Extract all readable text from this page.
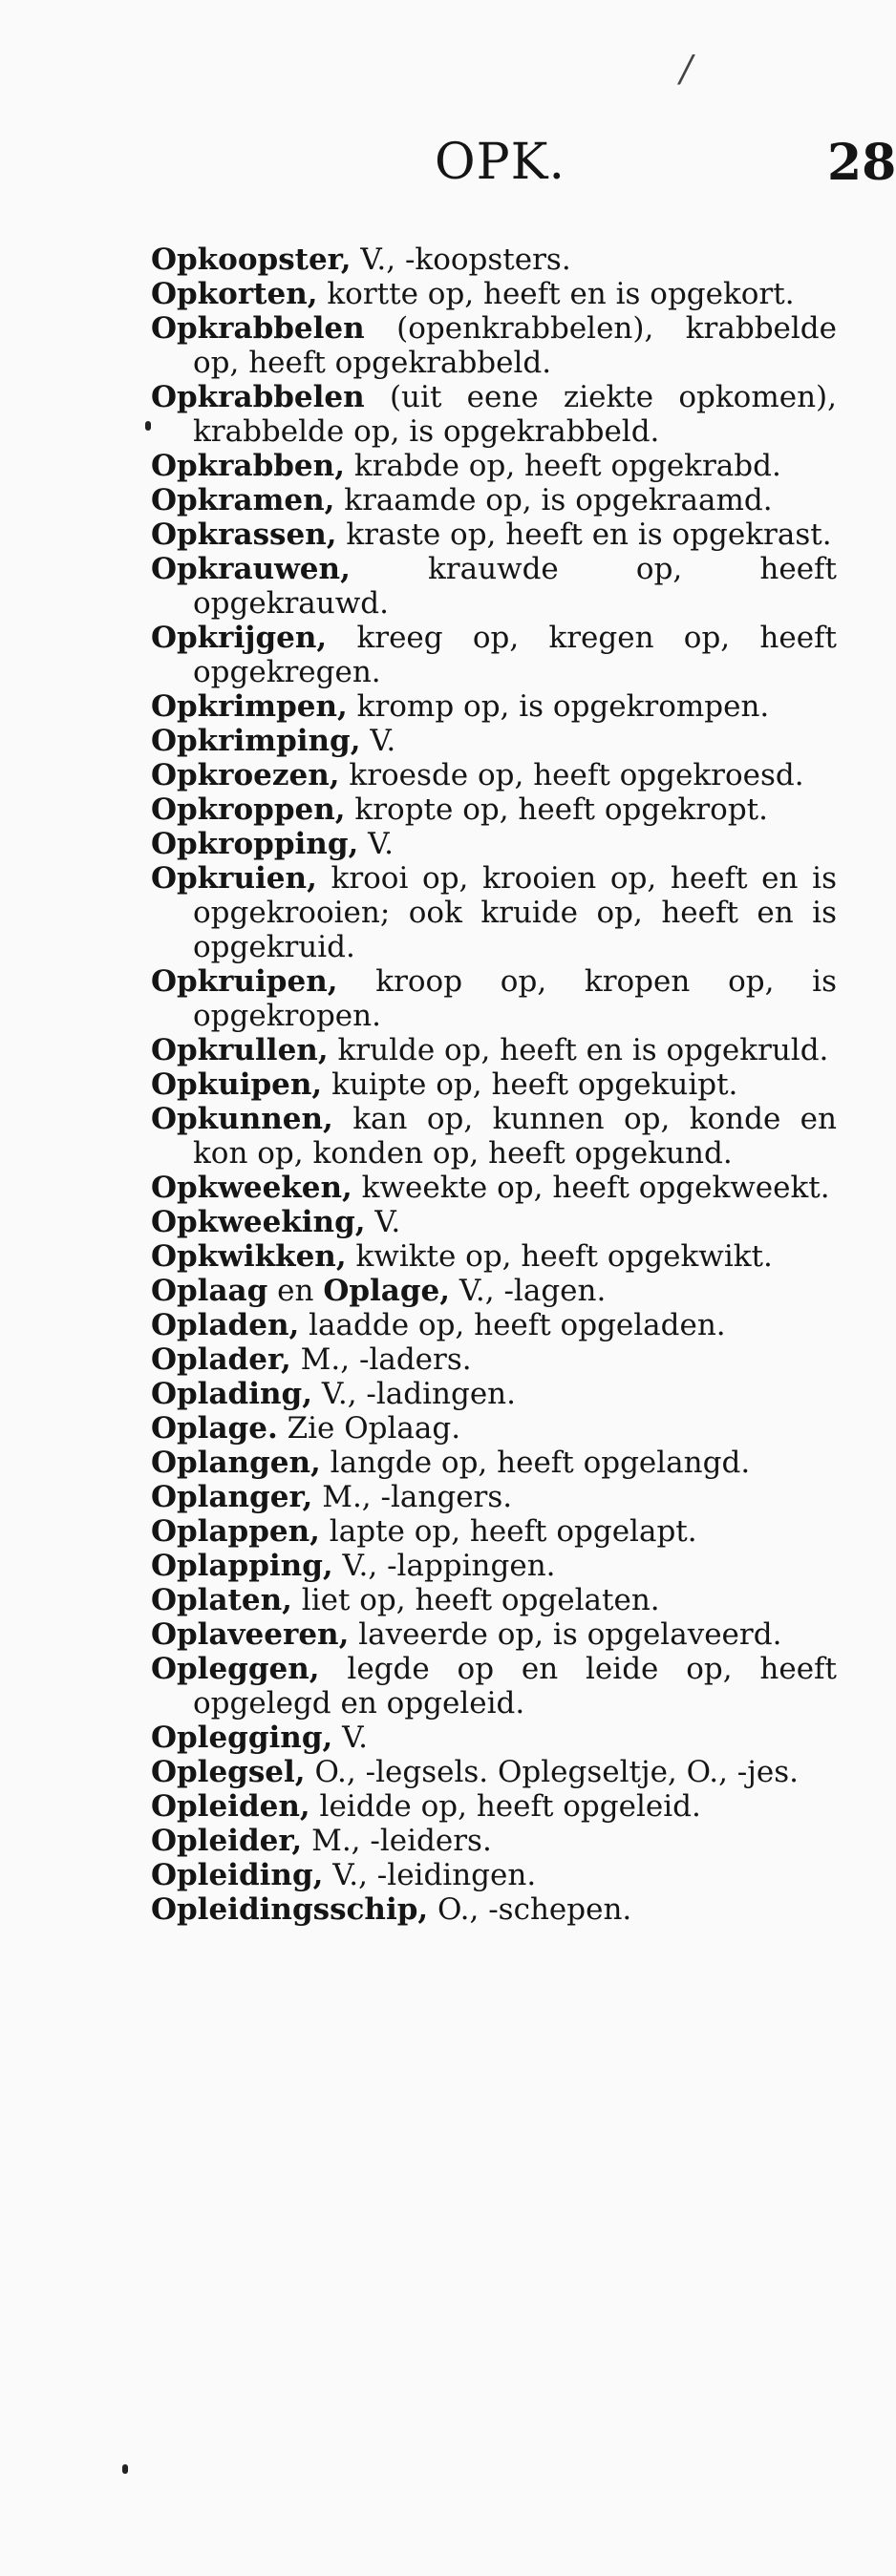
/
OPK.	28
Opkoopster, V., -koopsters.
Opkorten, kortte op, heeft en is opgekort.
Opkrabbelen (openkrabbelen), krabbelde op, heeft opgekrabbeld.
Opkrabbelen (uit eene ziekte opkomen), krabbelde op, is opgekrabbeld.
Opkrabben, krabde op, heeft opgekrabd.
Opkramen, kraamde op, is opgekraamd.
Opkrassen, kraste op, heeft en is opgekrast.
Opkrauwen, krauwde op, heeft opgekrauwd.
Opkrijgen, kreeg op, kregen op, heeft opgekregen.
Opkrimpen, kromp op, is opgekrompen.
Opkrimping, V.
Opkroezen, kroesde op, heeft opgekroesd.
Opkroppen, kropte op, heeft opgekropt.
Opkropping, V.
Opkruien, krooi op, krooien op, heeft en is opgekrooien; ook kruide op, heeft en is opgekruid.
Opkruipen, kroop op, kropen op, is opgekropen.
Opkrullen, krulde op, heeft en is opgekruld.
Opkuipen, kuipte op, heeft opgekuipt.
Opkunnen, kan op, kunnen op, konde en kon op, konden op, heeft opgekund.
Opkweeken, kweekte op, heeft opgekweekt.
Opkweeking, V.
Opkwikken, kwikte op, heeft opgekwikt.
Oplaag en Oplage, V., -lagen.
Opladen, laadde op, heeft opgeladen.
Oplader, M., -laders.
Oplading, V., -ladingen.
Oplage. Zie Oplaag.
Oplangen, langde op, heeft opgelangd.
Oplanger, M., -langers.
Oplappen, lapte op, heeft opgelapt.
Oplapping, V., -lappingen.
Oplaten, liet op, heeft opgelaten.
Oplaveeren, laveerde op, is opgelaveerd.
Opleggen, legde op en leide op, heeft opgelegd en opgeleid.
Oplegging, V.
Oplegsel, O., -legsels. Oplegseltje, O., -jes.
Opleiden, leidde op, heeft opgeleid.
Opleider, M., -leiders.
Opleiding, V., -leidingen.
Opleidingsschip, O., -schepen.
